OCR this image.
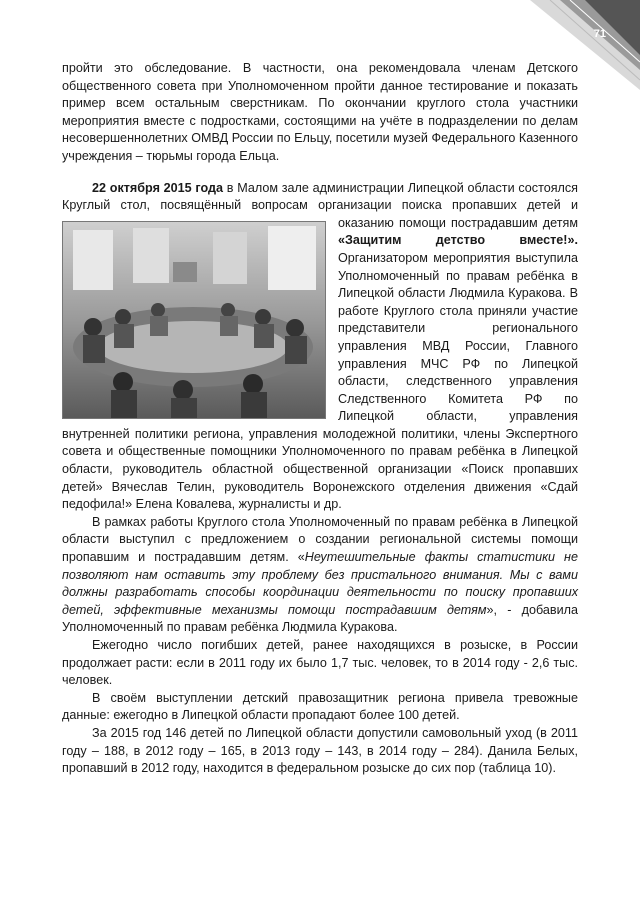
71

пройти это обследование. В частности, она рекомендовала членам Детского общественного совета при Уполномоченном пройти данное тестирование и показать пример всем остальным сверстникам. По окончании круглого стола участники мероприятия вместе с подростками, состоящими на учёте в подразделении по делам несовершеннолетних ОМВД России по Ельцу, посетили музей Федерального Казенного учреждения – тюрьмы города Ельца.

22 октября 2015 года в Малом зале администрации Липецкой области состоялся Круглый стол, посвящённый вопросам организации поиска пропавших детей и оказанию помощи пострадавшим детям
«Защитим детство вместе!». Организатором мероприятия выступила Уполномоченный по правам ребёнка в Липецкой области Людмила Куракова. В работе Круглого стола приняли участие представители регионального управления МВД России, Главного управления МЧС РФ по Липецкой области, следственного управления Следственного Комитета РФ по Липецкой области, управления внутренней политики региона, управления молодежной политики, члены Экспертного совета и общественные помощники Уполномоченного по правам ребёнка в Липецкой области, руководитель областной общественной организации «Поиск пропавших детей» Вячеслав Телин, руководитель Воронежского отделения движения «Сдай педофила!» Елена Ковалева, журналисты и др.

В рамках работы Круглого стола Уполномоченный по правам ребёнка в Липецкой области выступил с предложением о создании региональной системы помощи пропавшим и пострадавшим детям. «Неутешительные факты статистики не позволяют нам оставить эту проблему без пристального внимания. Мы с вами должны разработать способы координации деятельности по поиску пропавших детей, эффективные механизмы помощи пострадавшим детям», - добавила Уполномоченный по правам ребёнка Людмила Куракова.

Ежегодно число погибших детей, ранее находящихся в розыске, в России продолжает расти: если в 2011 году их было 1,7 тыс. человек, то в 2014 году - 2,6 тыс. человек.

В своём выступлении детский правозащитник региона привела тревожные данные: ежегодно в Липецкой области пропадают более 100 детей.

За 2015 год 146 детей по Липецкой области допустили самовольный уход (в 2011 году – 188, в 2012 году – 165, в 2013 году – 143, в 2014 году – 284). Данила Белых, пропавший в 2012 году, находится в федеральном розыске до сих пор (таблица 10).
